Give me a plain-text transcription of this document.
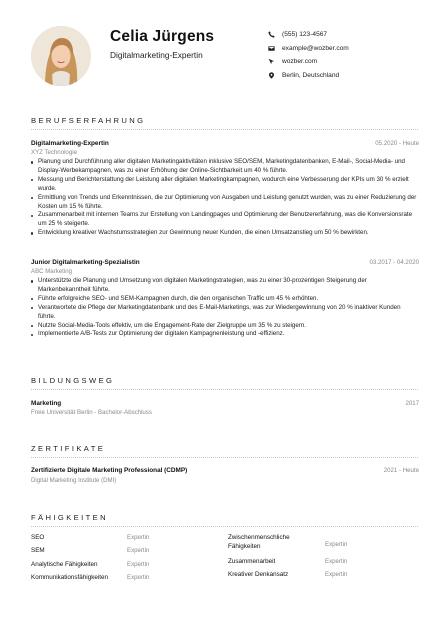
Celia Jürgens
Digitalmarketing-Expertin
(555) 123-4567
example@wozber.com
wozber.com
Berlin, Deutschland
BERUFSERFAHRUNG
Digitalmarketing-Expertin	05.2020 - Heute
XYZ Technologie
Planung und Durchführung aller digitalen Marketingaktivitäten inklusive SEO/SEM, Marketingdatenbanken, E-Mail-, Social-Media- und Display-Werbekampagnen, was zu einer Erhöhung der Online-Sichtbarkeit um 40 % führte.
Messung und Berichterstattung der Leistung aller digitalen Marketingkampagnen, wodurch eine Verbesserung der KPIs um 30 % erzielt wurde.
Ermittlung von Trends und Erkenntnissen, die zur Optimierung von Ausgaben und Leistung genutzt wurden, was zu einer Reduzierung der Kosten um 15 % führte.
Zusammenarbeit mit internen Teams zur Erstellung von Landingpages und Optimierung der Benutzererfahrung, was die Konversionsrate um 25 % steigerte.
Entwicklung kreativer Wachstumsstrategien zur Gewinnung neuer Kunden, die einen Umsatzanstieg um 50 % bewirkten.
Junior Digitalmarketing-Spezialistin	03.2017 - 04.2020
ABC Marketing
Unterstützte die Planung und Umsetzung von digitalen Marketingstrategien, was zu einer 30-prozentigen Steigerung der Markenbekanntheit führte.
Führte erfolgreiche SEO- und SEM-Kampagnen durch, die den organischen Traffic um 45 % erhöhten.
Verantwortete die Pflege der Marketingdatenbank und des E-Mail-Marketings, was zur Wiedergewinnung von 20 % inaktiver Kunden führte.
Nutzte Social-Media-Tools effektiv, um die Engagement-Rate der Zielgruppe um 35 % zu steigern.
Implementierte A/B-Tests zur Optimierung der digitalen Kampagnenleistung und -effizienz.
BILDUNGSWEG
Marketing	2017
Freie Universität Berlin - Bachelor-Abschluss
ZERTIFIKATE
Zertifizierte Digitale Marketing Professional (CDMP)	2021 - Heute
Digital Marketing Institute (DMI)
FÄHIGKEITEN
SEO	Expertin
SEM	Expertin
Analytische Fähigkeiten	Expertin
Kommunikationsfähigkeiten	Expertin
Zwischenmenschliche Fähigkeiten	Expertin
Zusammenarbeit	Expertin
Kreativer Denkansatz	Expertin
